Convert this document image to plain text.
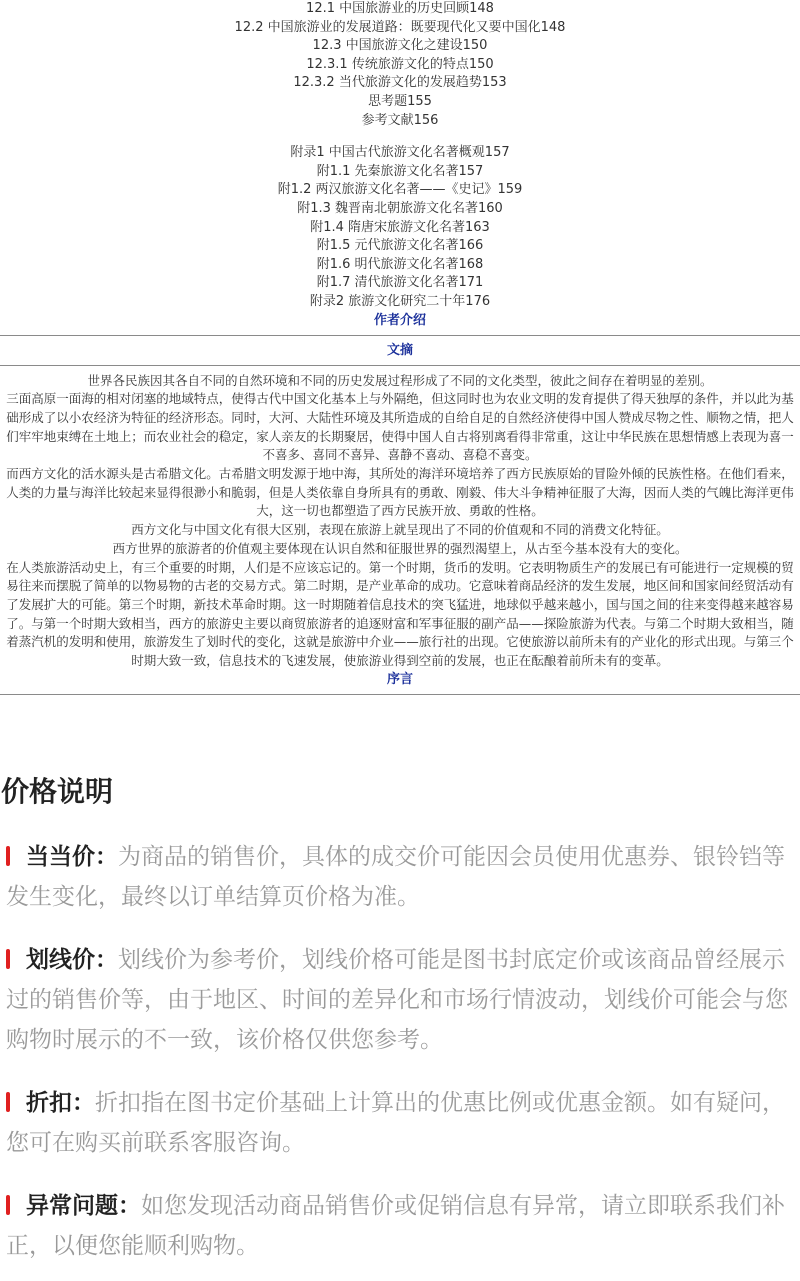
12.1 中国旅游业的历史回顾148
12.2 中国旅游业的发展道路：既要现代化又要中国化148
12.3 中国旅游文化之建设150
12.3.1 传统旅游文化的特点150
12.3.2 当代旅游文化的发展趋势153
思考题155
参考文献156
附录1 中国古代旅游文化名著概观157
附1.1 先秦旅游文化名著157
附1.2 两汉旅游文化名著——《史记》159
附1.3 魏晋南北朝旅游文化名著160
附1.4 隋唐宋旅游文化名著163
附1.5 元代旅游文化名著166
附1.6 明代旅游文化名著168
附1.7 清代旅游文化名著171
附录2 旅游文化研究二十年176
作者介绍
文摘

世界各民族因其各自不同的自然环境和不同的历史发展过程形成了不同的文化类型，彼此之间存在着明显的差别。

三面高原一面海的相对闭塞的地域特点，使得古代中国文化基本上与外隔绝，但这同时也为农业文明的发育提供了得天独厚的条件，并以此为基础形成了以小农经济为特征的经济形态。同时，大河、大陆性环境及其所造成的自给自足的自然经济使得中国人赞成尽物之性、顺物之情，把人们牢牢地束缚在土地上；而农业社会的稳定，家人亲友的长期聚居，使得中国人自古将别离看得非常重，这让中华民族在思想情感上表现为喜一不喜多、喜同不喜异、喜静不喜动、喜稳不喜变。

而西方文化的活水源头是古希腊文化。古希腊文明发源于地中海，其所处的海洋环境培养了西方民族原始的冒险外倾的民族性格。在他们看来，人类的力量与海洋比较起来显得很渺小和脆弱，但是人类依靠自身所具有的勇敢、刚毅、伟大斗争精神征服了大海，因而人类的气魄比海洋更伟大，这一切也都塑造了西方民族开放、勇敢的性格。

西方文化与中国文化有很大区别，表现在旅游上就呈现出了不同的价值观和不同的消费文化特征。

西方世界的旅游者的价值观主要体现在认识自然和征服世界的强烈渴望上，从古至今基本没有大的变化。

在人类旅游活动史上，有三个重要的时期，人们是不应该忘记的。第一个时期，货币的发明。它表明物质生产的发展已有可能进行一定规模的贸易往来而摆脱了简单的以物易物的古老的交易方式。第二时期，是产业革命的成功。它意味着商品经济的发生发展，地区间和国家间经贸活动有了发展扩大的可能。第三个时期，新技术革命时期。这一时期随着信息技术的突飞猛进，地球似乎越来越小，国与国之间的往来变得越来越容易了。与第一个时期大致相当，西方的旅游史主要以商贸旅游者的追逐财富和军事征服的副产品——探险旅游为代表。与第二个时期大致相当，随着蒸汽机的发明和使用，旅游发生了划时代的变化，这就是旅游中介业——旅行社的出现。它使旅游以前所未有的产业化的形式出现。与第三个时期大致一致，信息技术的飞速发展，使旅游业得到空前的发展，也正在酝酿着前所未有的变革。

序言
价格说明
当当价：为商品的销售价，具体的成交价可能因会员使用优惠券、银铃铛等发生变化，最终以订单结算页价格为准。
划线价：划线价为参考价，划线价格可能是图书封底定价或该商品曾经展示过的销售价等，由于地区、时间的差异化和市场行情波动，划线价可能会与您购物时展示的不一致，该价格仅供您参考。
折扣：折扣指在图书定价基础上计算出的优惠比例或优惠金额。如有疑问，您可在购买前联系客服咨询。
异常问题：如您发现活动商品销售价或促销信息有异常，请立即联系我们补正，以便您能顺利购物。
